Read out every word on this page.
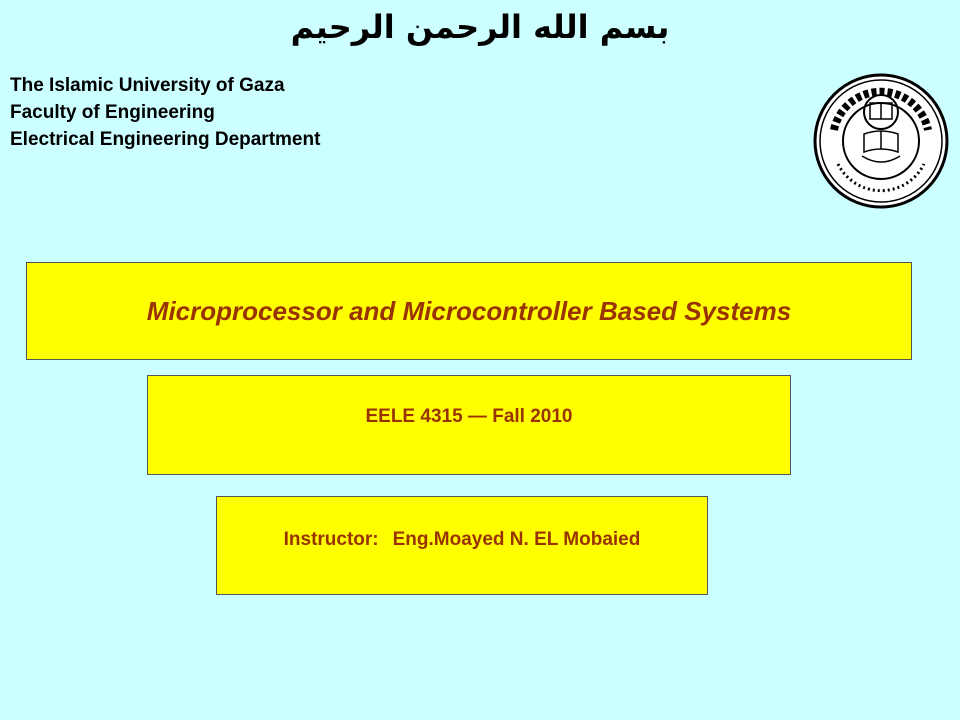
بسم الله الرحمن الرحيم
The Islamic University of Gaza
Faculty of Engineering
Electrical Engineering Department
Microprocessor and Microcontroller Based Systems
EELE 4315 — Fall 2010
Instructor: Eng.Moayed N. EL Mobaied
